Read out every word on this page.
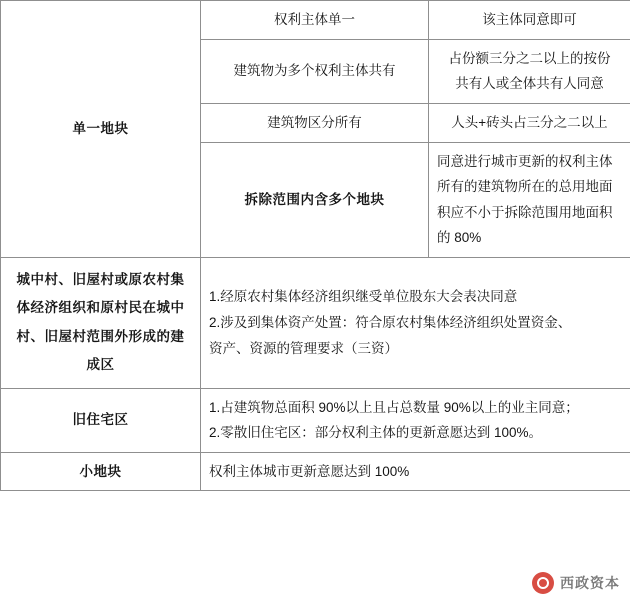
单一地块	权利主体单一	该主体同意即可
	建筑物为多个权利主体共有	占份额三分之二以上的按份
共有人或全体共有人同意

	建筑物区分所有	人头+砖头占三分之二以上
	拆除范围内含多个地块	同意进行城市更新的权利主体所有的建筑物所在的总用地面
积应不小于拆除范围用地面积的 80%

城中村、旧屋村或原农村集体经济组织和原村民在城中村、旧屋村范围外形成的建成区	1.经原农村集体经济组织继受单位股东大会表决同意
2.涉及到集体资产处置：符合原农村集体经济组织处置资金、
资产、资源的管理要求（三资）	

旧住宅区	1.占建筑物总面积 90%以上且占总数量 90%以上的业主同意；
2.零散旧住宅区：部分权利主体的更新意愿达到 100%。	

小地块	权利主体城市更新意愿达到 100%	
西政资本
